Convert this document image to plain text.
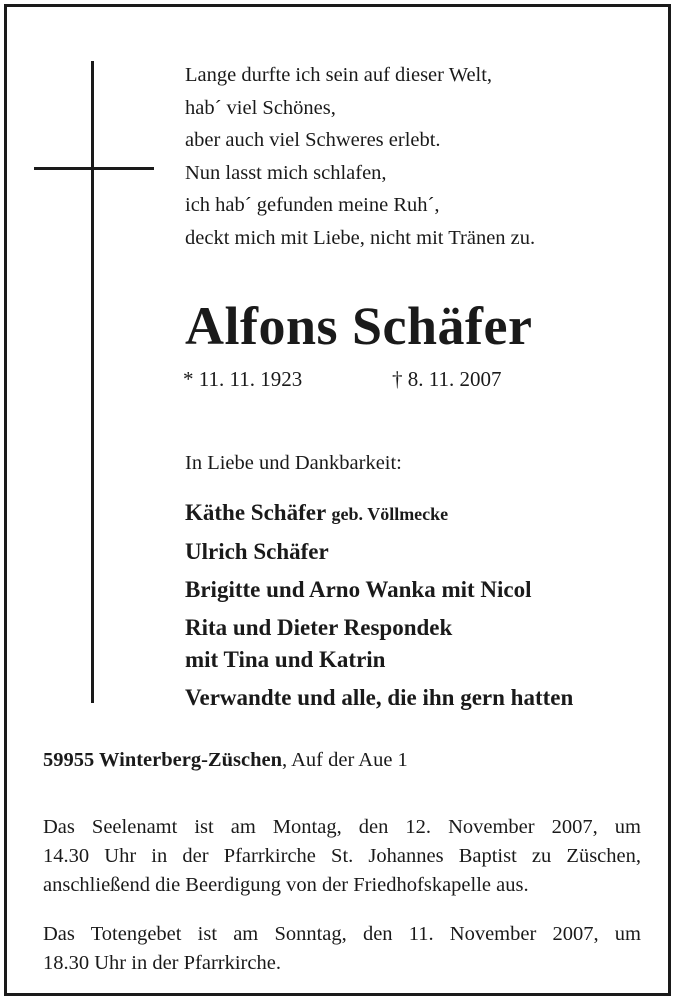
Lange durfte ich sein auf dieser Welt,
hab´ viel Schönes,
aber auch viel Schweres erlebt.
Nun lasst mich schlafen,
ich hab´ gefunden meine Ruh´,
deckt mich mit Liebe, nicht mit Tränen zu.
Alfons Schäfer
* 11. 11. 1923	† 8. 11. 2007
In Liebe und Dankbarkeit:
Käthe Schäfer geb. Völlmecke
Ulrich Schäfer
Brigitte und Arno Wanka mit Nicol
Rita und Dieter Respondek
mit Tina und Katrin
Verwandte und alle, die ihn gern hatten
59955 Winterberg-Züschen, Auf der Aue 1
Das Seelenamt ist am Montag, den 12. November 2007, um
14.30 Uhr in der Pfarrkirche St. Johannes Baptist zu Züschen,
anschließend die Beerdigung von der Friedhofskapelle aus.
Das Totengebet ist am Sonntag, den 11. November 2007, um
18.30 Uhr in der Pfarrkirche.
